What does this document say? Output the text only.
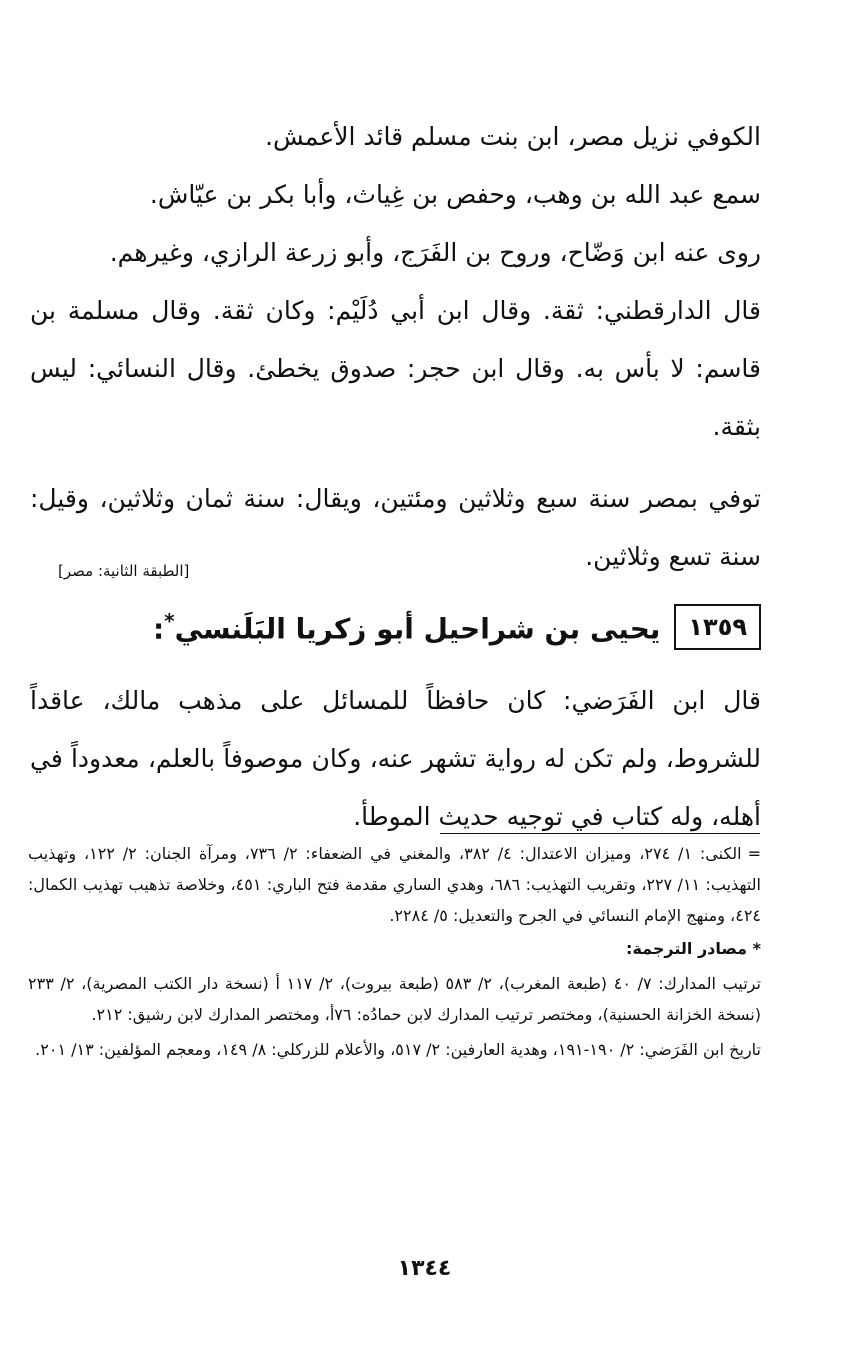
الكوفي نزيل مصر، ابن بنت مسلم قائد الأعمش.

سمع عبد الله بن وهب، وحفص بن غِياث، وأبا بكر بن عيّاش.

روى عنه ابن وَضّاح، وروح بن الفَرَج، وأبو زرعة الرازي، وغيرهم.

قال الدارقطني: ثقة. وقال ابن أبي دُلَيْم: وكان ثقة. وقال مسلمة بن قاسم: لا بأس به. وقال ابن حجر: صدوق يخطئ. وقال النسائي: ليس بثقة.

توفي بمصر سنة سبع وثلاثين ومئتين، ويقال: سنة ثمان وثلاثين، وقيل: سنة تسع وثلاثين.

[الطبقة الثانية: مصر]
١٣٥٩
يحيى بن شراحيل أبو زكريا البَلَنسي*:

قال ابن الفَرَضي: كان حافظاً للمسائل على مذهب مالك، عاقداً للشروط، ولم تكن له رواية تشهر عنه، وكان موصوفاً بالعلم، معدوداً في أهله، وله كتاب في توجيه حديث الموطأ.

=الكنى: ١/ ٢٧٤، وميزان الاعتدال: ٤/ ٣٨٢، والمغني في الضعفاء: ٢/ ٧٣٦، ومرآة الجنان: ٢/ ١٢٢، وتهذيب التهذيب: ١١/ ٢٢٧، وتقريب التهذيب: ٦٨٦، وهدي الساري مقدمة فتح الباري: ٤٥١، وخلاصة تذهيب تهذيب الكمال: ٤٢٤، ومنهج الإمام النسائي في الجرح والتعديل: ٥/ ٢٢٨٤.

* مصادر الترجمة:

ترتيب المدارك: ٧/ ٤٠ (طبعة المغرب)، ٢/ ٥٨٣ (طبعة بيروت)، ٢/ ١١٧ أ (نسخة دار الكتب المصرية)، ٢/ ٢٣٣ (نسخة الخزانة الحسنية)، ومختصر ترتيب المدارك لابن حمادُه: ٧٦أ، ومختصر المدارك لابن رشيق: ٢١٢.

تاريخ ابن الفَرَضي: ٢/ ١٩٠-١٩١، وهدية العارفين: ٢/ ٥١٧، والأعلام للزركلي: ٨/ ١٤٩، ومعجم المؤلفين: ١٣/ ٢٠١.

١٣٤٤
